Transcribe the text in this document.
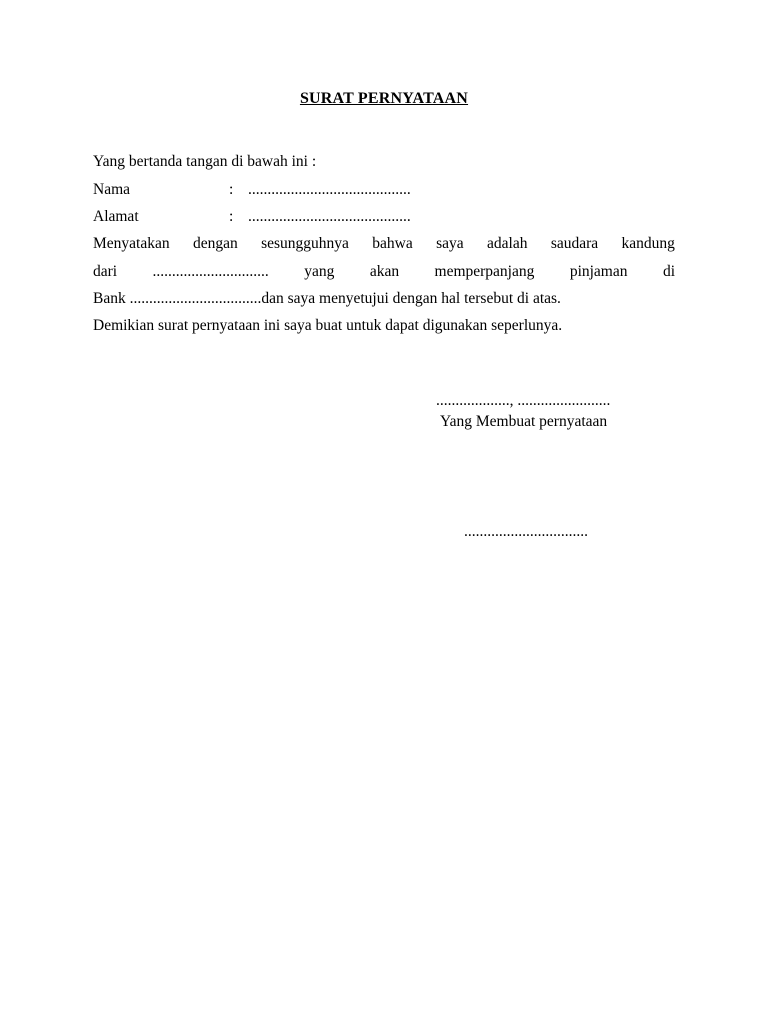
SURAT PERNYATAAN
Yang bertanda tangan di bawah ini :
Nama	: ..........................................
Alamat	: ..........................................
Menyatakan dengan sesungguhnya bahwa saya adalah saudara kandung
dari .............................. yang akan memperpanjang pinjaman di
Bank ..................................dan saya menyetujui dengan hal tersebut di atas.
Demikian surat pernyataan ini saya buat untuk dapat digunakan seperlunya.
..................., ........................
Yang Membuat pernyataan
................................
